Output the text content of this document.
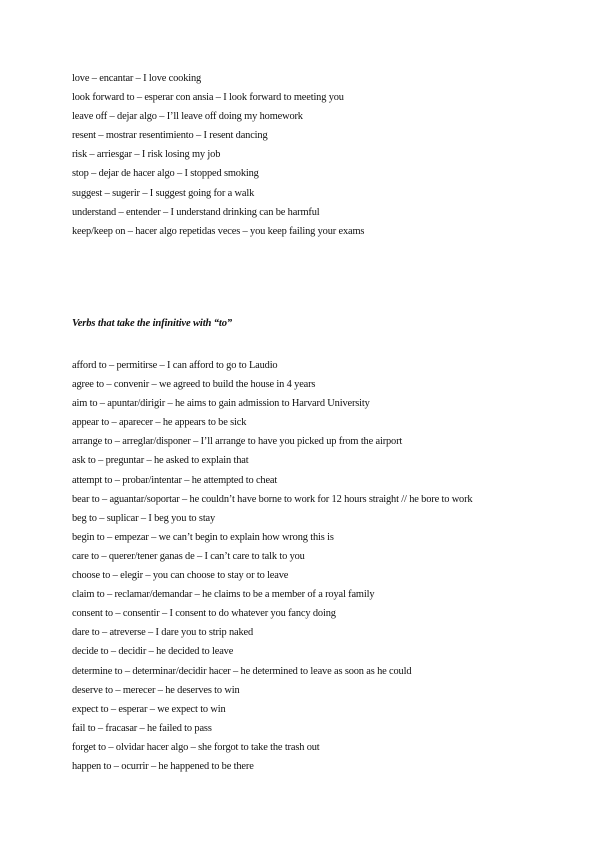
love – encantar – I love cooking
look forward to – esperar con ansia – I look forward to meeting you
leave off – dejar algo – I’ll leave off doing my homework
resent – mostrar resentimiento – I resent dancing
risk – arriesgar – I risk losing my job
stop – dejar de hacer algo – I stopped smoking
suggest – sugerir – I suggest going for a walk
understand – entender – I understand drinking can be harmful
keep/keep on – hacer algo repetidas veces – you keep failing your exams
Verbs that take the infinitive with “to”
afford to – permitirse – I can afford to go to Laudio
agree to – convenir – we agreed to build the house in 4 years
aim to – apuntar/dirigir – he aims to gain admission to Harvard University
appear to – aparecer – he appears to be sick
arrange to – arreglar/disponer – I’ll arrange to have you picked up from the airport
ask to – preguntar – he asked to explain that
attempt to – probar/intentar – he attempted to cheat
bear to – aguantar/soportar – he couldn’t have borne to work for 12 hours straight // he bore to work
beg to – suplicar – I beg you to stay
begin to – empezar – we can’t begin to explain how wrong this is
care to – querer/tener ganas de – I can’t care to talk to you
choose to – elegir – you can choose to stay or to leave
claim to – reclamar/demandar – he claims to be a member of a royal family
consent to – consentir – I consent to do whatever you fancy doing
dare to – atreverse – I dare you to strip naked
decide to – decidir – he decided to leave
determine to – determinar/decidir hacer – he determined to leave as soon as he could
deserve to – merecer – he deserves to win
expect to – esperar – we expect to win
fail to – fracasar – he failed to pass
forget to – olvidar hacer algo – she forgot to take the trash out
happen to – ocurrir – he happened to be there
